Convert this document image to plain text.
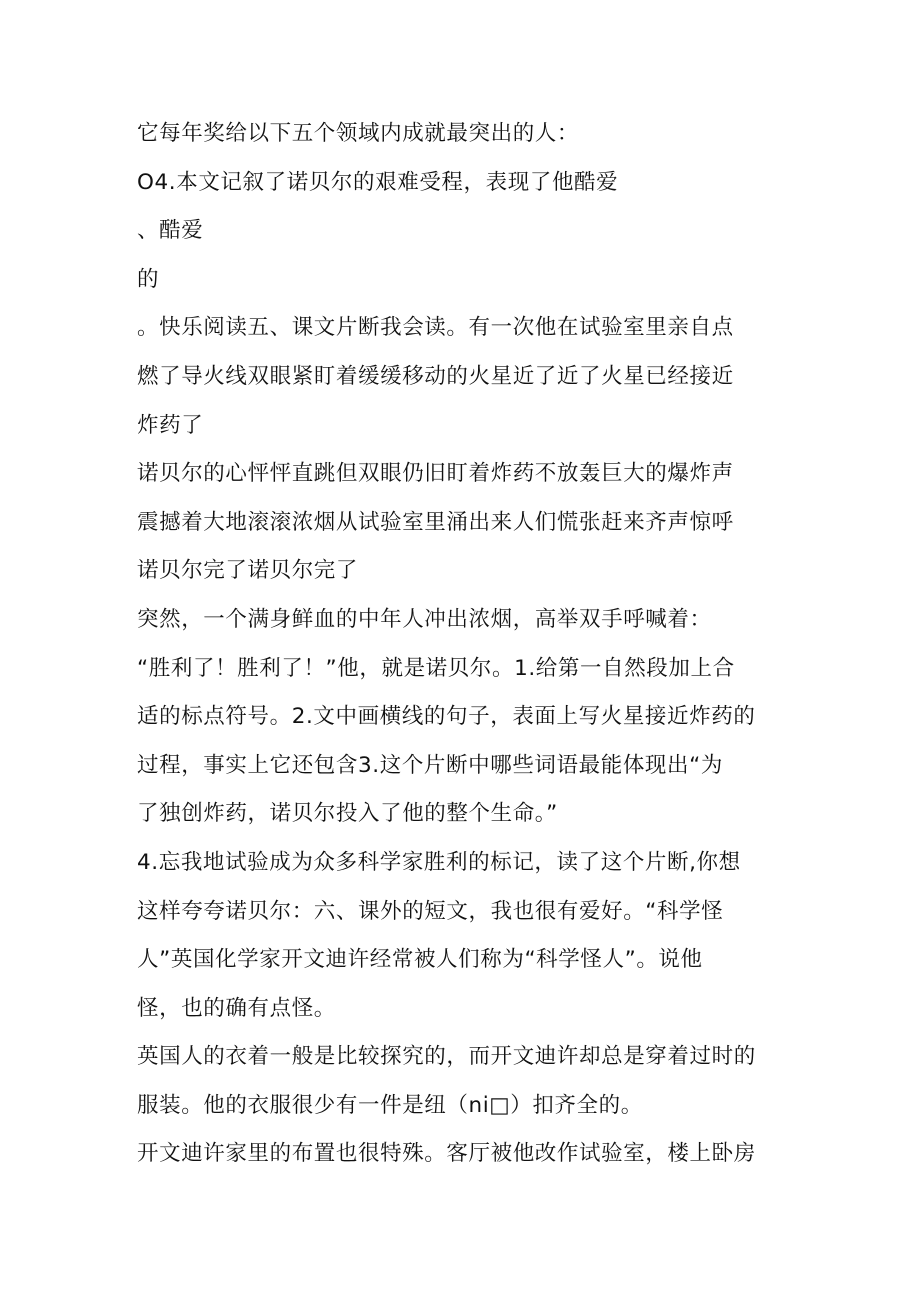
它每年奖给以下五个领域内成就最突出的人：
O4.本文记叙了诺贝尔的艰难受程，表现了他酷爱
、酷爱
的
。快乐阅读五、课文片断我会读。有一次他在试验室里亲自点
燃了导火线双眼紧盯着缓缓移动的火星近了近了火星已经接近
炸药了
诺贝尔的心怦怦直跳但双眼仍旧盯着炸药不放轰巨大的爆炸声
震撼着大地滚滚浓烟从试验室里涌出来人们慌张赶来齐声惊呼
诺贝尔完了诺贝尔完了
突然，一个满身鲜血的中年人冲出浓烟，高举双手呼喊着：
“胜利了！胜利了！”他，就是诺贝尔。1.给第一自然段加上合
适的标点符号。2.文中画横线的句子，表面上写火星接近炸药的
过程，事实上它还包含3.这个片断中哪些词语最能体现出“为
了独创炸药，诺贝尔投入了他的整个生命。”
4.忘我地试验成为众多科学家胜利的标记，读了这个片断,你想
这样夸夸诺贝尔：六、课外的短文，我也很有爱好。“科学怪
人”英国化学家开文迪许经常被人们称为“科学怪人”。说他
怪，也的确有点怪。
英国人的衣着一般是比较探究的，而开文迪许却总是穿着过时的
服装。他的衣服很少有一件是纽（ni□）扣齐全的。
开文迪许家里的布置也很特殊。客厅被他改作试验室，楼上卧房
